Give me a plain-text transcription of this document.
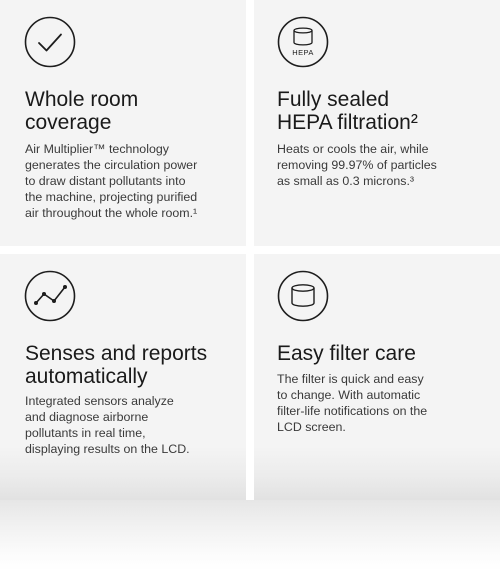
Whole room
coverage

Air Multiplier™ technology
generates the circulation power
to draw distant pollutants into
the machine, projecting purified
air throughout the whole room.¹

HEPA
Fully sealed
HEPA filtration²

Heats or cools the air, while
removing 99.97% of particles
as small as 0.3 microns.³

Senses and reports
automatically

Integrated sensors analyze
and diagnose airborne
pollutants in real time,
displaying results on the LCD.

Easy filter care

The filter is quick and easy
to change. With automatic
filter-life notifications on the
LCD screen.
